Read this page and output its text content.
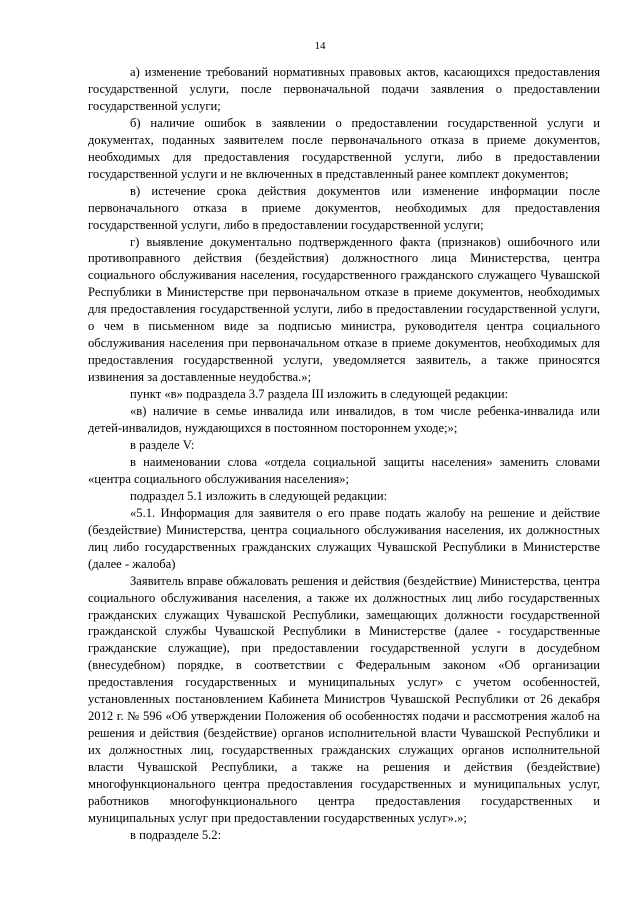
14

а) изменение требований нормативных правовых актов, касающихся предоставления государственной услуги, после первоначальной подачи заявления о предоставлении государственной услуги;

б) наличие ошибок в заявлении о предоставлении государственной услуги и документах, поданных заявителем после первоначального отказа в приеме документов, необходимых для предоставления государственной услуги, либо в предоставлении государственной услуги и не включенных в представленный ранее комплект документов;

в) истечение срока действия документов или изменение информации после первоначального отказа в приеме документов, необходимых для предоставления государственной услуги, либо в предоставлении государственной услуги;

г) выявление документально подтвержденного факта (признаков) ошибочного или противоправного действия (бездействия) должностного лица Министерства, центра социального обслуживания населения, государственного гражданского служащего Чувашской Республики в Министерстве при первоначальном отказе в приеме документов, необходимых для предоставления государственной услуги, либо в предоставлении государственной услуги, о чем в письменном виде за подписью министра, руководителя центра социального обслуживания населения при первоначальном отказе в приеме документов, необходимых для предоставления государственной услуги, уведомляется заявитель, а также приносятся извинения за доставленные неудобства.»;

пункт «в» подраздела 3.7 раздела III изложить в следующей редакции:

«в) наличие в семье инвалида или инвалидов, в том числе ребенка-инвалида или детей-инвалидов, нуждающихся в постоянном постороннем уходе;»;

в разделе V:

в наименовании слова «отдела социальной защиты населения» заменить словами «центра социального обслуживания населения»;

подраздел 5.1 изложить в следующей редакции:

«5.1. Информация для заявителя о его праве подать жалобу на решение и действие (бездействие) Министерства, центра социального обслуживания населения, их должностных лиц либо государственных гражданских служащих Чувашской Республики в Министерстве (далее - жалоба)

Заявитель вправе обжаловать решения и действия (бездействие) Министерства, центра социального обслуживания населения, а также их должностных лиц либо государственных гражданских служащих Чувашской Республики, замещающих должности государственной гражданской службы Чувашской Республики в Министерстве (далее - государственные гражданские служащие), при предоставлении государственной услуги в досудебном (внесудебном) порядке, в соответствии с Федеральным законом «Об организации предоставления государственных и муниципальных услуг» с учетом особенностей, установленных постановлением Кабинета Министров Чувашской Республики от 26 декабря 2012 г. № 596 «Об утверждении Положения об особенностях подачи и рассмотрения жалоб на решения и действия (бездействие) органов исполнительной власти Чувашской Республики и их должностных лиц, государственных гражданских служащих органов исполнительной власти Чувашской Республики, а также на решения и действия (бездействие) многофункционального центра предоставления государственных и муниципальных услуг, работников многофункционального центра предоставления государственных и муниципальных услуг при предоставлении государственных услуг».»;

в подразделе 5.2:
